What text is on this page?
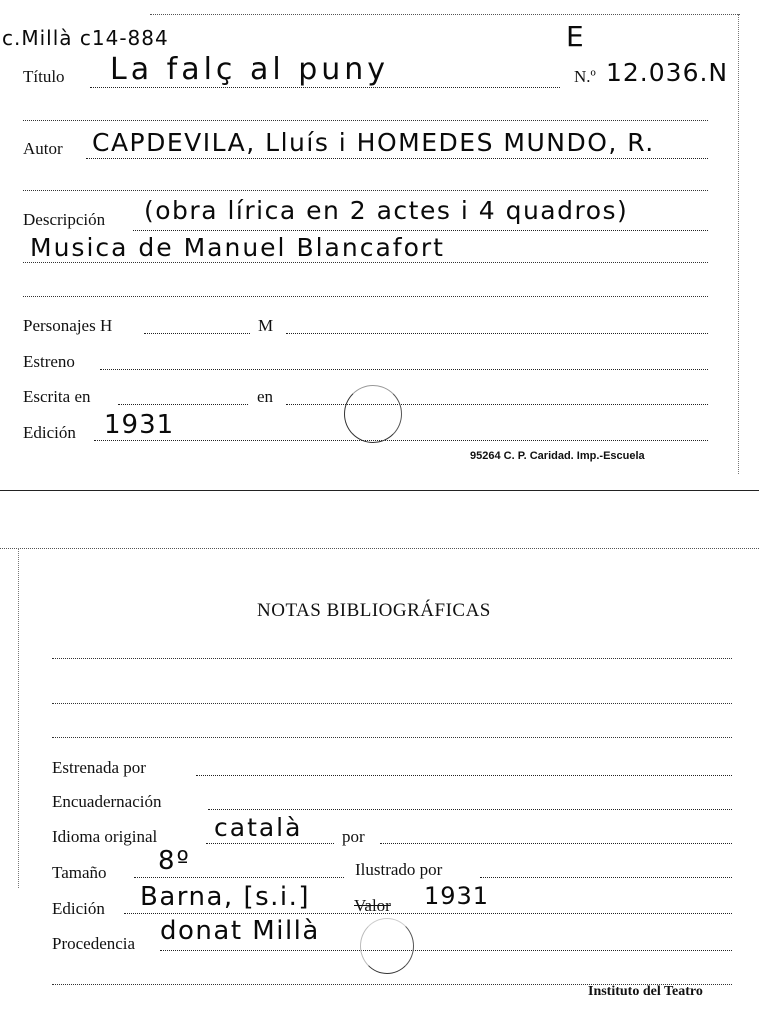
c.Millà c14-884	E
Título La falç al puny	N.º 12.036.N
Autor CAPDEVILA, Lluís i HOMEDES MUNDO, R.
Descripción (obra lírica en 2 actes i 4 quadros)
Musica de Manuel Blancafort
Personajes H	M
Estreno
Escrita en	en
Edición 1931
95264 C. P. Caridad. Imp.-Escuela
NOTAS BIBLIOGRÁFICAS
Estrenada por
Encuadernación
Idioma original català por
Tamaño 8º	Ilustrado por
Edición Barna, [s.i.]	Valor 1931
Procedencia donat Millà
Instituto del Teatro
